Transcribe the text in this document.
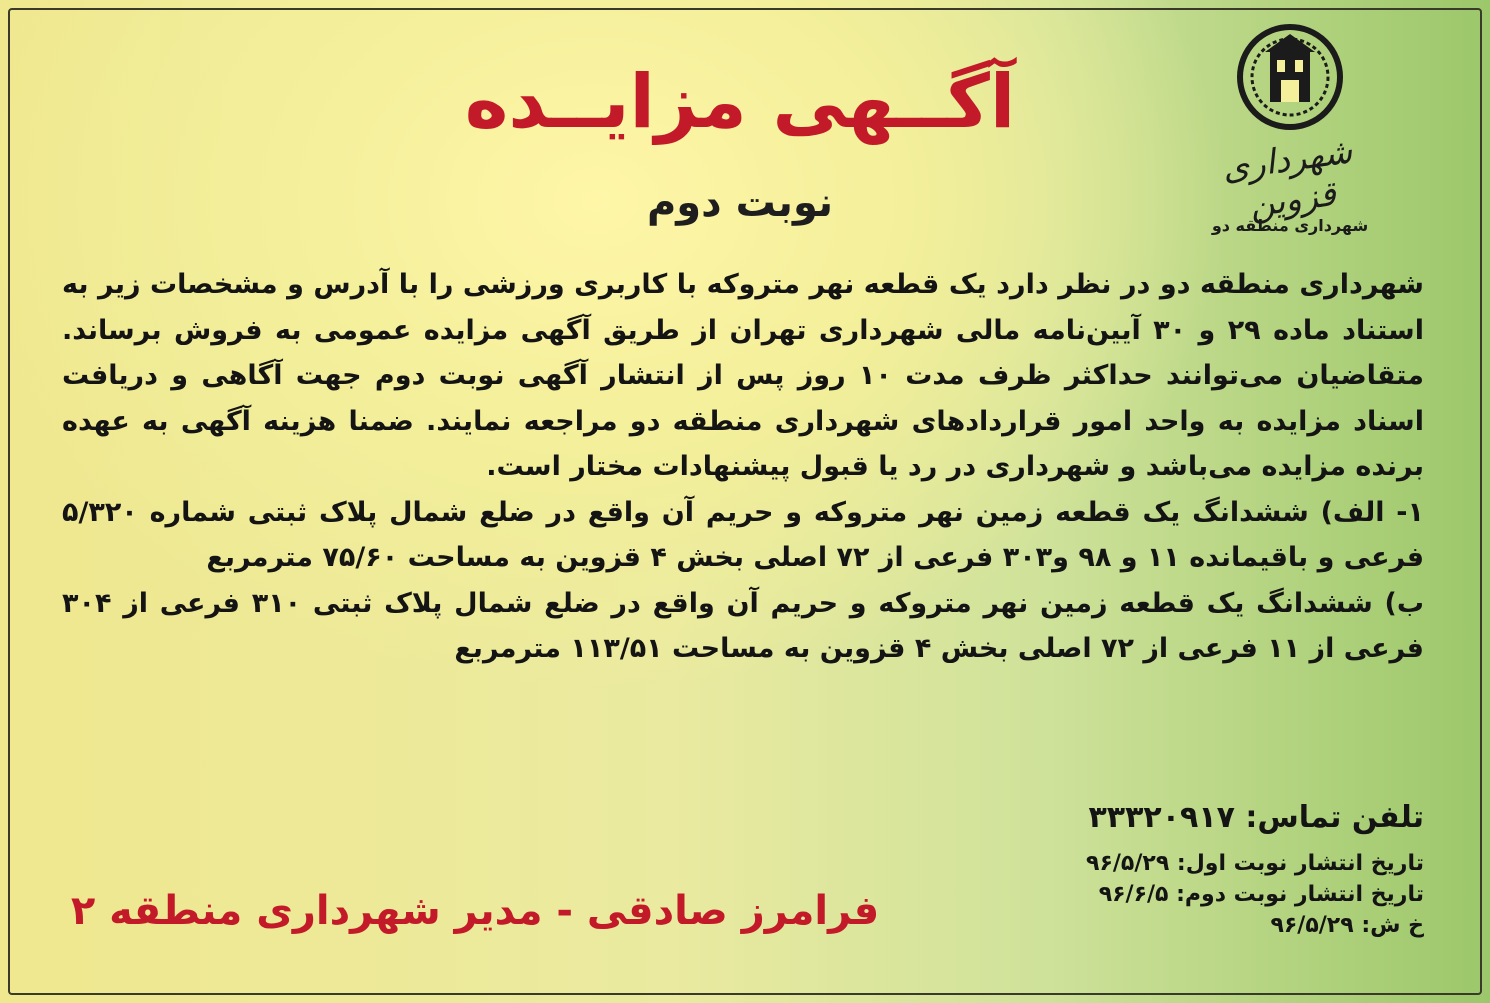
شهرداری قزوین
شهرداری منطقه دو
آگــهی مزایــده
نوبت دوم

شهرداری منطقه دو در نظر دارد یک قطعه نهر متروکه با کاربری ورزشی را با آدرس و مشخصات زیر به استناد ماده ۲۹ و ۳۰ آیین‌نامه مالی شهرداری تهران از طریق آگهی مزایده عمومی به فروش برساند. متقاضیان می‌توانند حداکثر ظرف مدت ۱۰ روز پس از انتشار آگهی نوبت دوم جهت آگاهی و دریافت اسناد مزایده به واحد امور قراردادهای شهرداری منطقه دو مراجعه نمایند. ضمنا هزینه آگهی به عهده برنده مزایده می‌باشد و شهرداری در رد یا قبول پیشنهادات مختار است.

۱- الف) ششدانگ یک قطعه زمین نهر متروکه و حریم آن واقع در ضلع شمال پلاک ثبتی شماره ۵/۳۲۰ فرعی و باقیمانده ۱۱ و ۹۸ و۳۰۳ فرعی از ۷۲ اصلی بخش ۴ قزوین به مساحت ۷۵/۶۰ مترمربع

ب) ششدانگ یک قطعه زمین نهر متروکه و حریم آن واقع در ضلع شمال پلاک ثبتی ۳۱۰ فرعی از ۳۰۴ فرعی از ۱۱ فرعی از ۷۲ اصلی بخش ۴ قزوین به مساحت ۱۱۳/۵۱ مترمربع

تلفن تماس: ۳۳۳۲۰۹۱۷
تاریخ انتشار نوبت اول: ۹۶/۵/۲۹
تاریخ انتشار نوبت دوم: ۹۶/۶/۵
خ ش: ۹۶/۵/۲۹
فرامرز صادقی - مدیر شهرداری منطقه ۲
